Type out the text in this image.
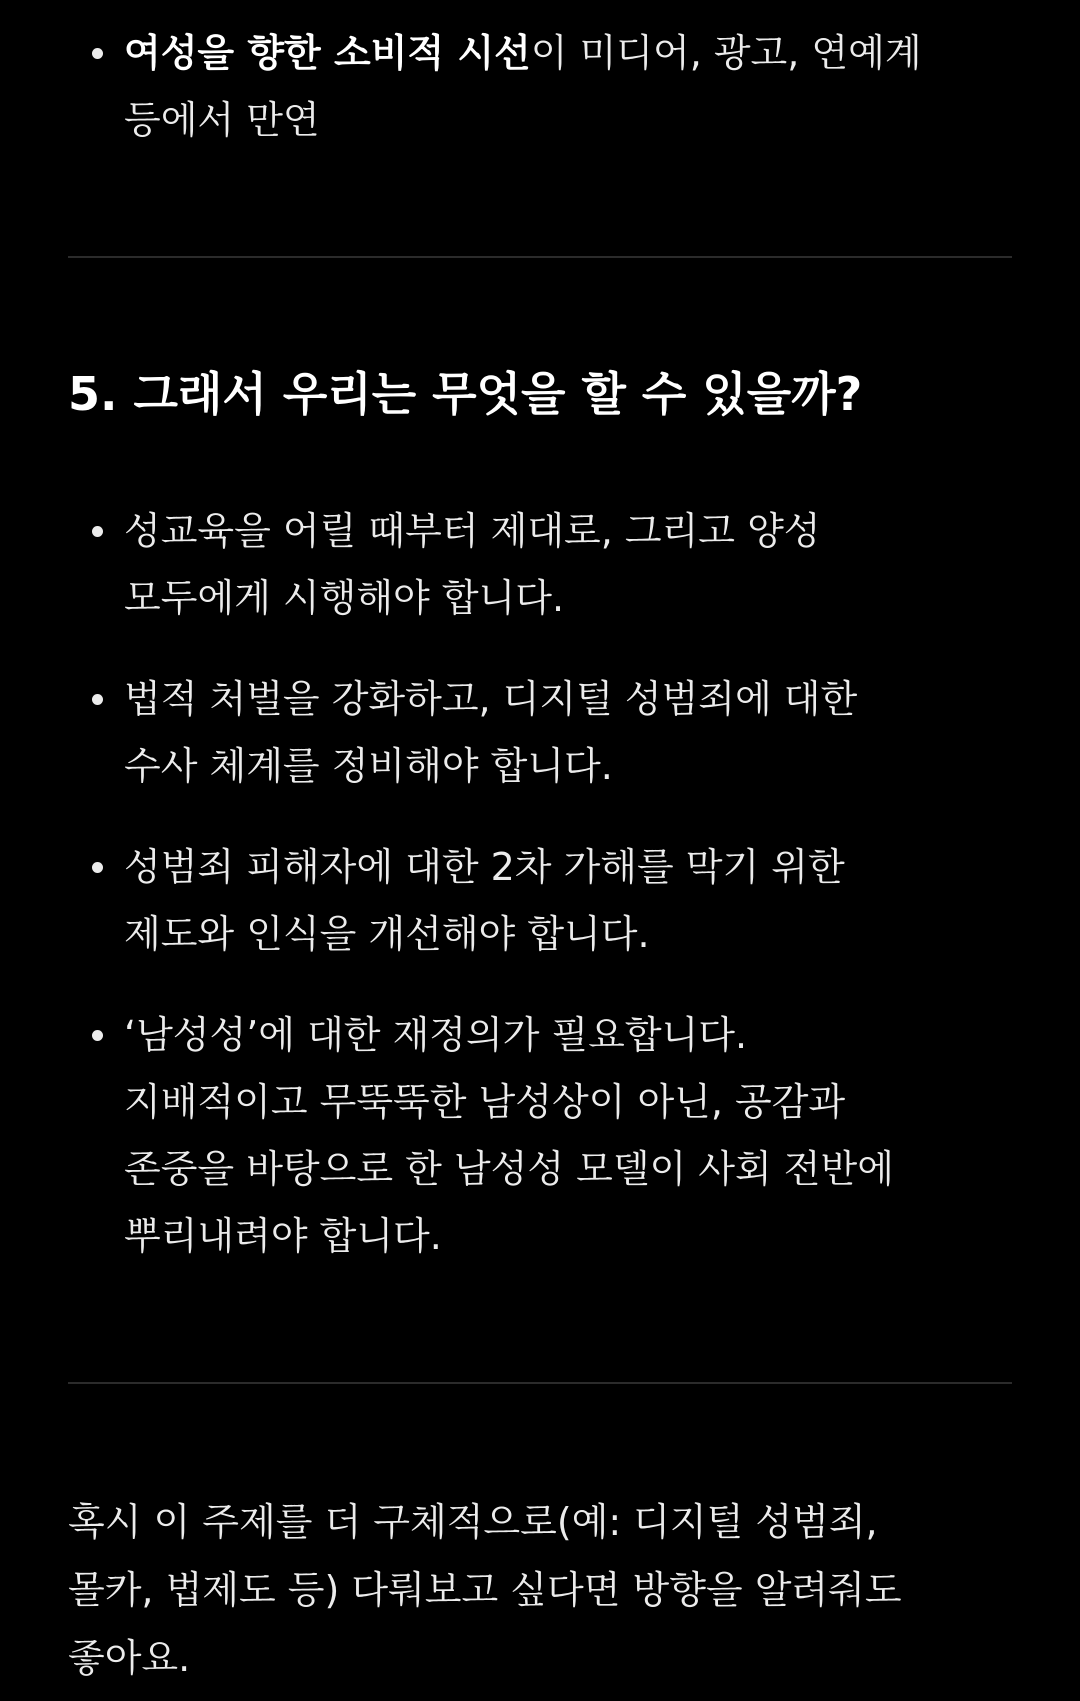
여성을 향한 소비적 시선이 미디어, 광고, 연예계
등에서 만연
5. 그래서 우리는 무엇을 할 수 있을까?
성교육을 어릴 때부터 제대로, 그리고 양성
모두에게 시행해야 합니다.
법적 처벌을 강화하고, 디지털 성범죄에 대한
수사 체계를 정비해야 합니다.
성범죄 피해자에 대한 2차 가해를 막기 위한
제도와 인식을 개선해야 합니다.
‘남성성’에 대한 재정의가 필요합니다.
지배적이고 무뚝뚝한 남성상이 아닌, 공감과
존중을 바탕으로 한 남성성 모델이 사회 전반에
뿌리내려야 합니다.

혹시 이 주제를 더 구체적으로(예: 디지털 성범죄,
몰카, 법제도 등) 다뤄보고 싶다면 방향을 알려줘도
좋아요.
